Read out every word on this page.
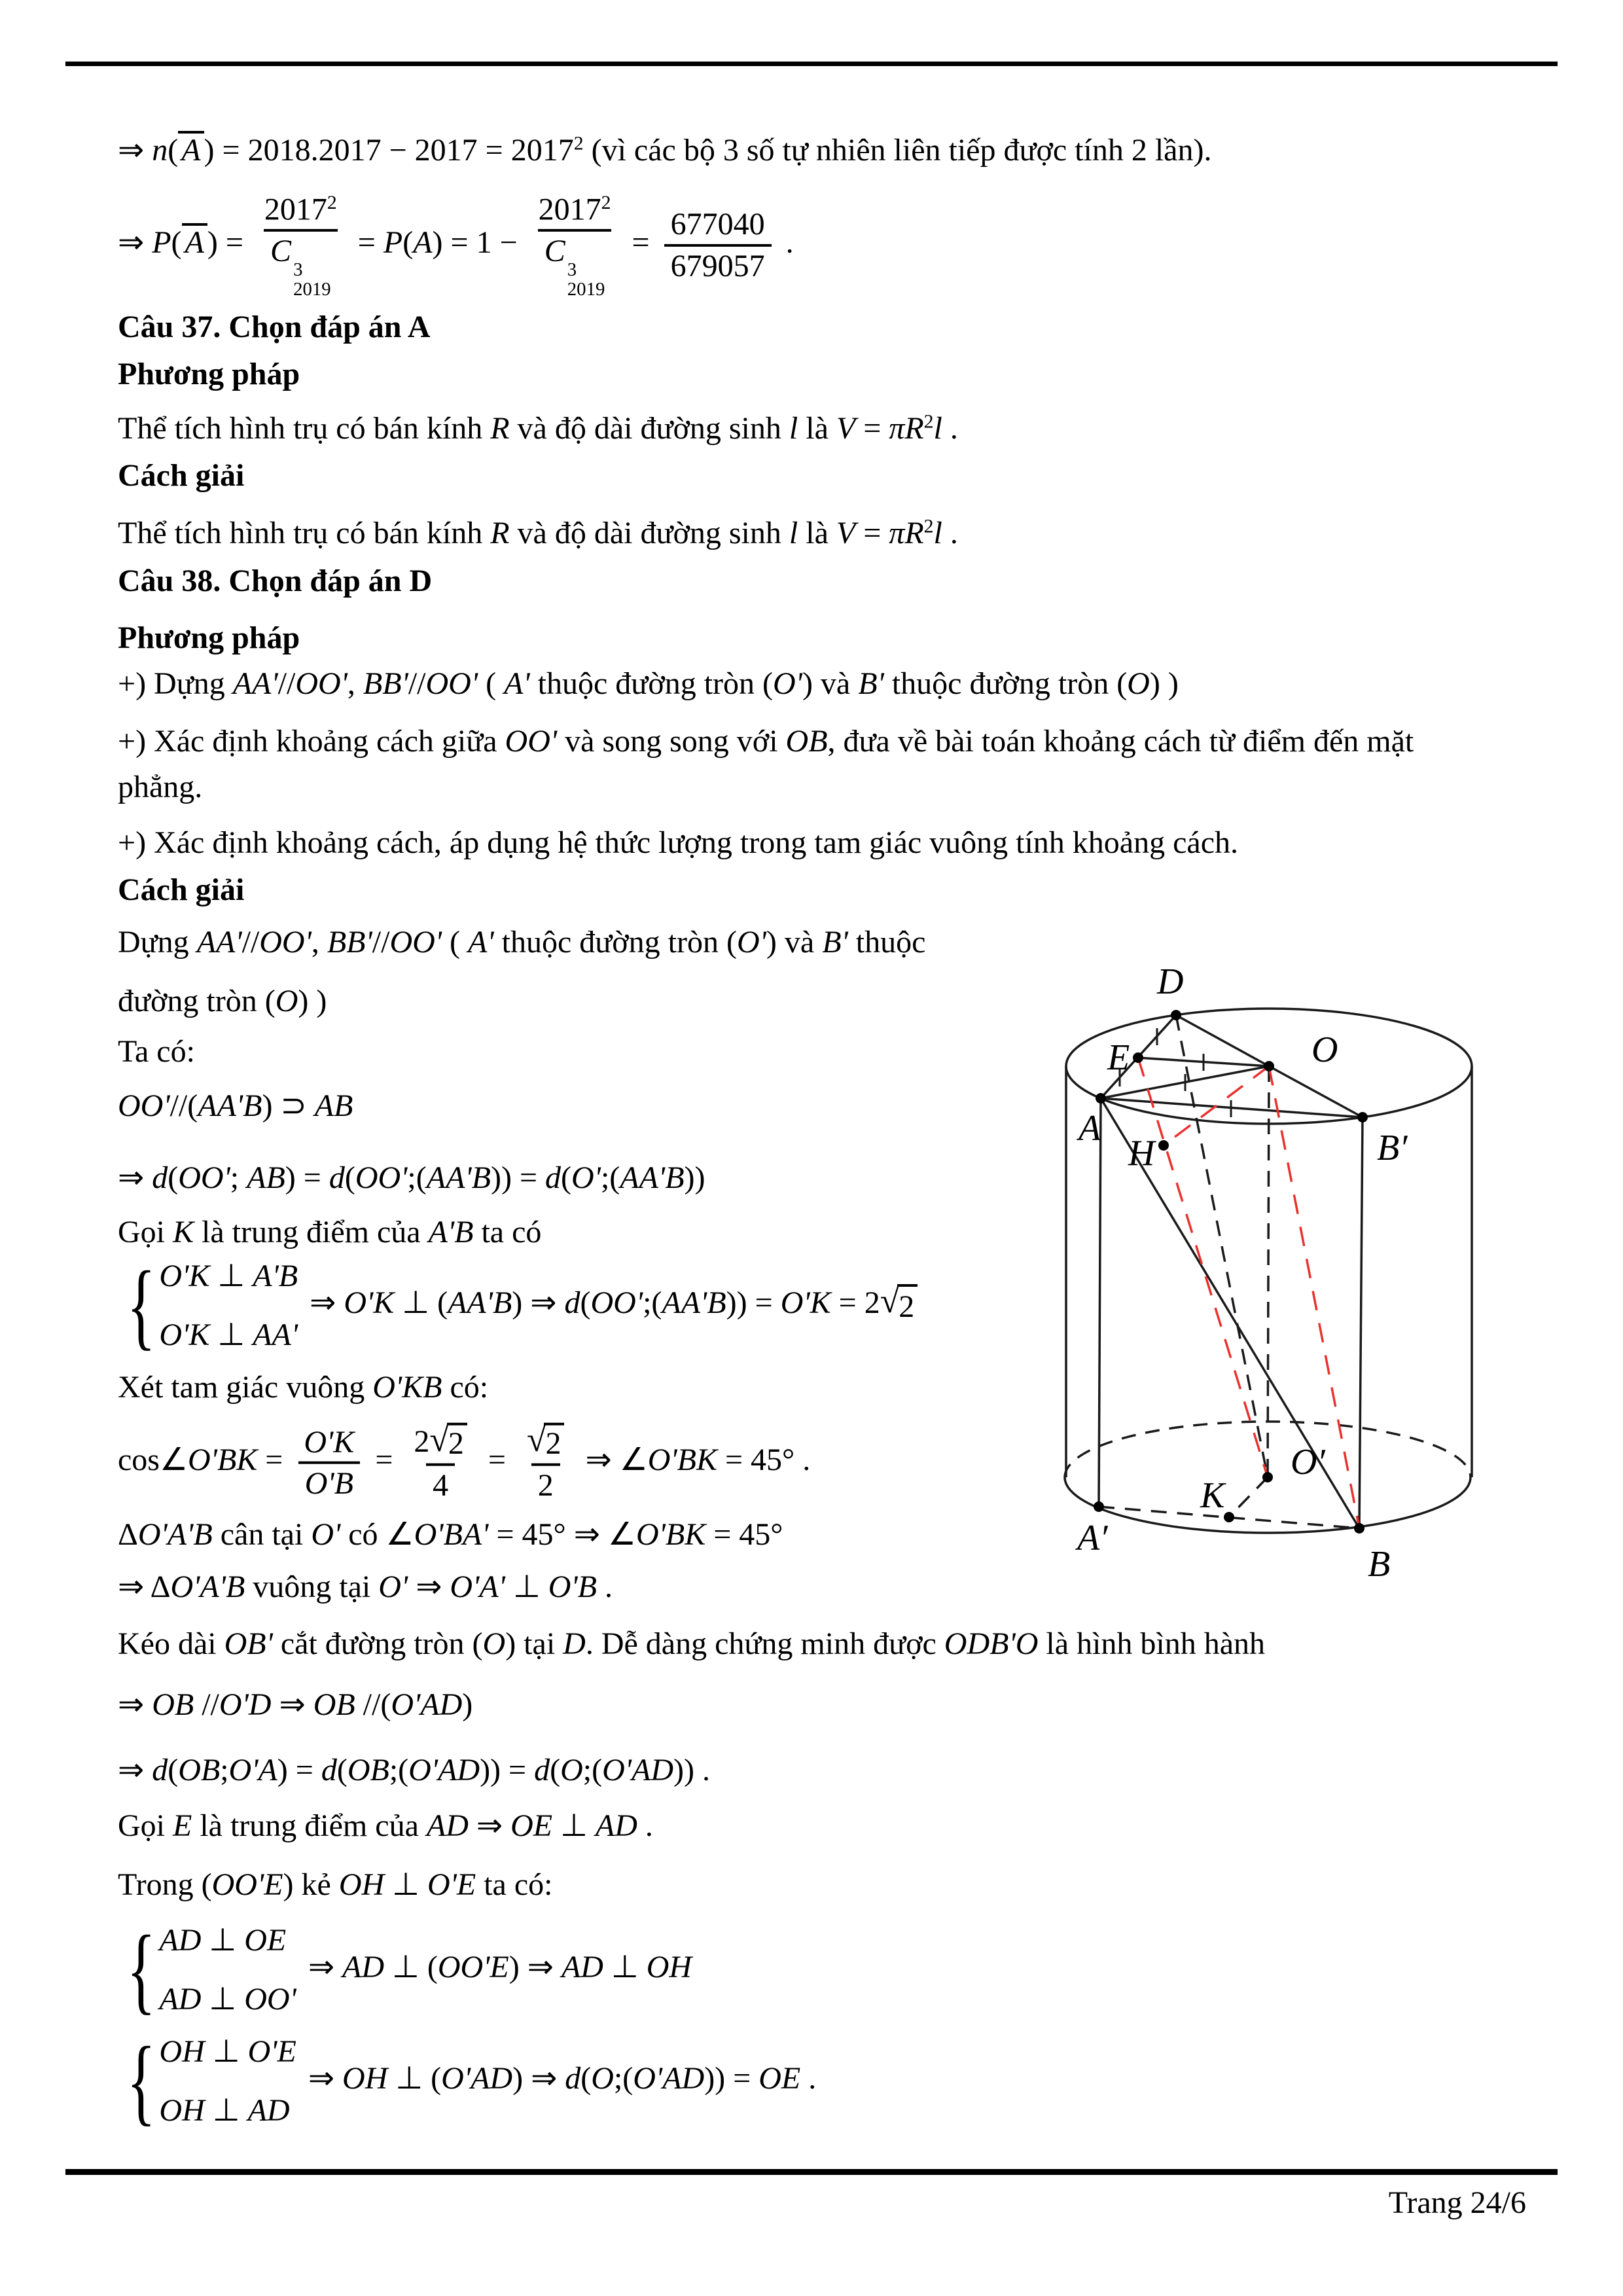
⇒ n( A ) = $2018.2017 - 2017 = 2017^2$ (vì các bộ 3 số tự nhiên liên tiếp được tính 2 lần).
⇒ P( A ) = $2017^2$
C
3
$2019 = P(A) = 1 - 2017^2$
C
3
$2019 = \frac{677040}{679057}$ .
Câu 37. Chọn đáp án A
Phương pháp
Thể tích hình trụ có bán kính R và độ dài đường sinh l là $V = \pi R^2l$ .
Cách giải
Thể tích hình trụ có bán kính R và độ dài đường sinh l là $V = \pi R^2l$ .
Câu 38. Chọn đáp án D
Phương pháp
+) Dựng AA'//OO', BB'//OO' ( A' thuộc đường tròn (O') và B' thuộc đường tròn (O) )
+) Xác định khoảng cách giữa OO' và song song với OB, đưa về bài toán khoảng cách từ điểm đến mặt
phẳng.
+) Xác định khoảng cách, áp dụng hệ thức lượng trong tam giác vuông tính khoảng cách.
Cách giải
Dựng AA'//OO', BB'//OO' ( A' thuộc đường tròn (O') và B' thuộc
đường tròn (O) )
Ta có:
OO'//(AA'B) ⊃ AB
⇒ d(OO'; AB) = d(OO';(AA'B)) = d(O';(AA'B))
Gọi K là trung điểm của A'B ta có
{ O'K ⊥ A'B
O'K ⊥ AA'
⇒ O'K ⊥ (AA'B) ⇒ d(OO';(AA'B)) = O'K = 2 √ 2
Xét tam giác vuông O'KB có:
cos∠O'BK = $\frac{O'K}{O'B} = \frac{2 √ 2}{4} = \frac{√ 2}{2}$ ⇒ ∠O'BK = 45° .
ΔO'A'B cân tại O' có ∠O'BA' = 45° ⇒ ∠O'BK = 45°
⇒ ΔO'A'B vuông tại O' ⇒ O'A' ⊥ O'B .
Kéo dài OB' cắt đường tròn (O) tại D. Dễ dàng chứng minh được ODB'O là hình bình hành
⇒ OB //O'D ⇒ OB //(O'AD)
⇒ d(OB;O'A) = d(OB;(O'AD)) = d(O;(O'AD)) .
Gọi E là trung điểm của AD ⇒ OE ⊥ AD .
Trong (OO'E) kẻ OH ⊥ O'E ta có:
{ AD ⊥ OE
AD ⊥ OO'
⇒ AD ⊥ (OO'E) ⇒ AD ⊥ OH
{ OH ⊥ O'E
OH ⊥ AD
⇒ OH ⊥ (O'AD) ⇒ d(O;(O'AD)) = OE .
D
E	O
A	B′
H
O′
K
A′
B
Trang 24/6
